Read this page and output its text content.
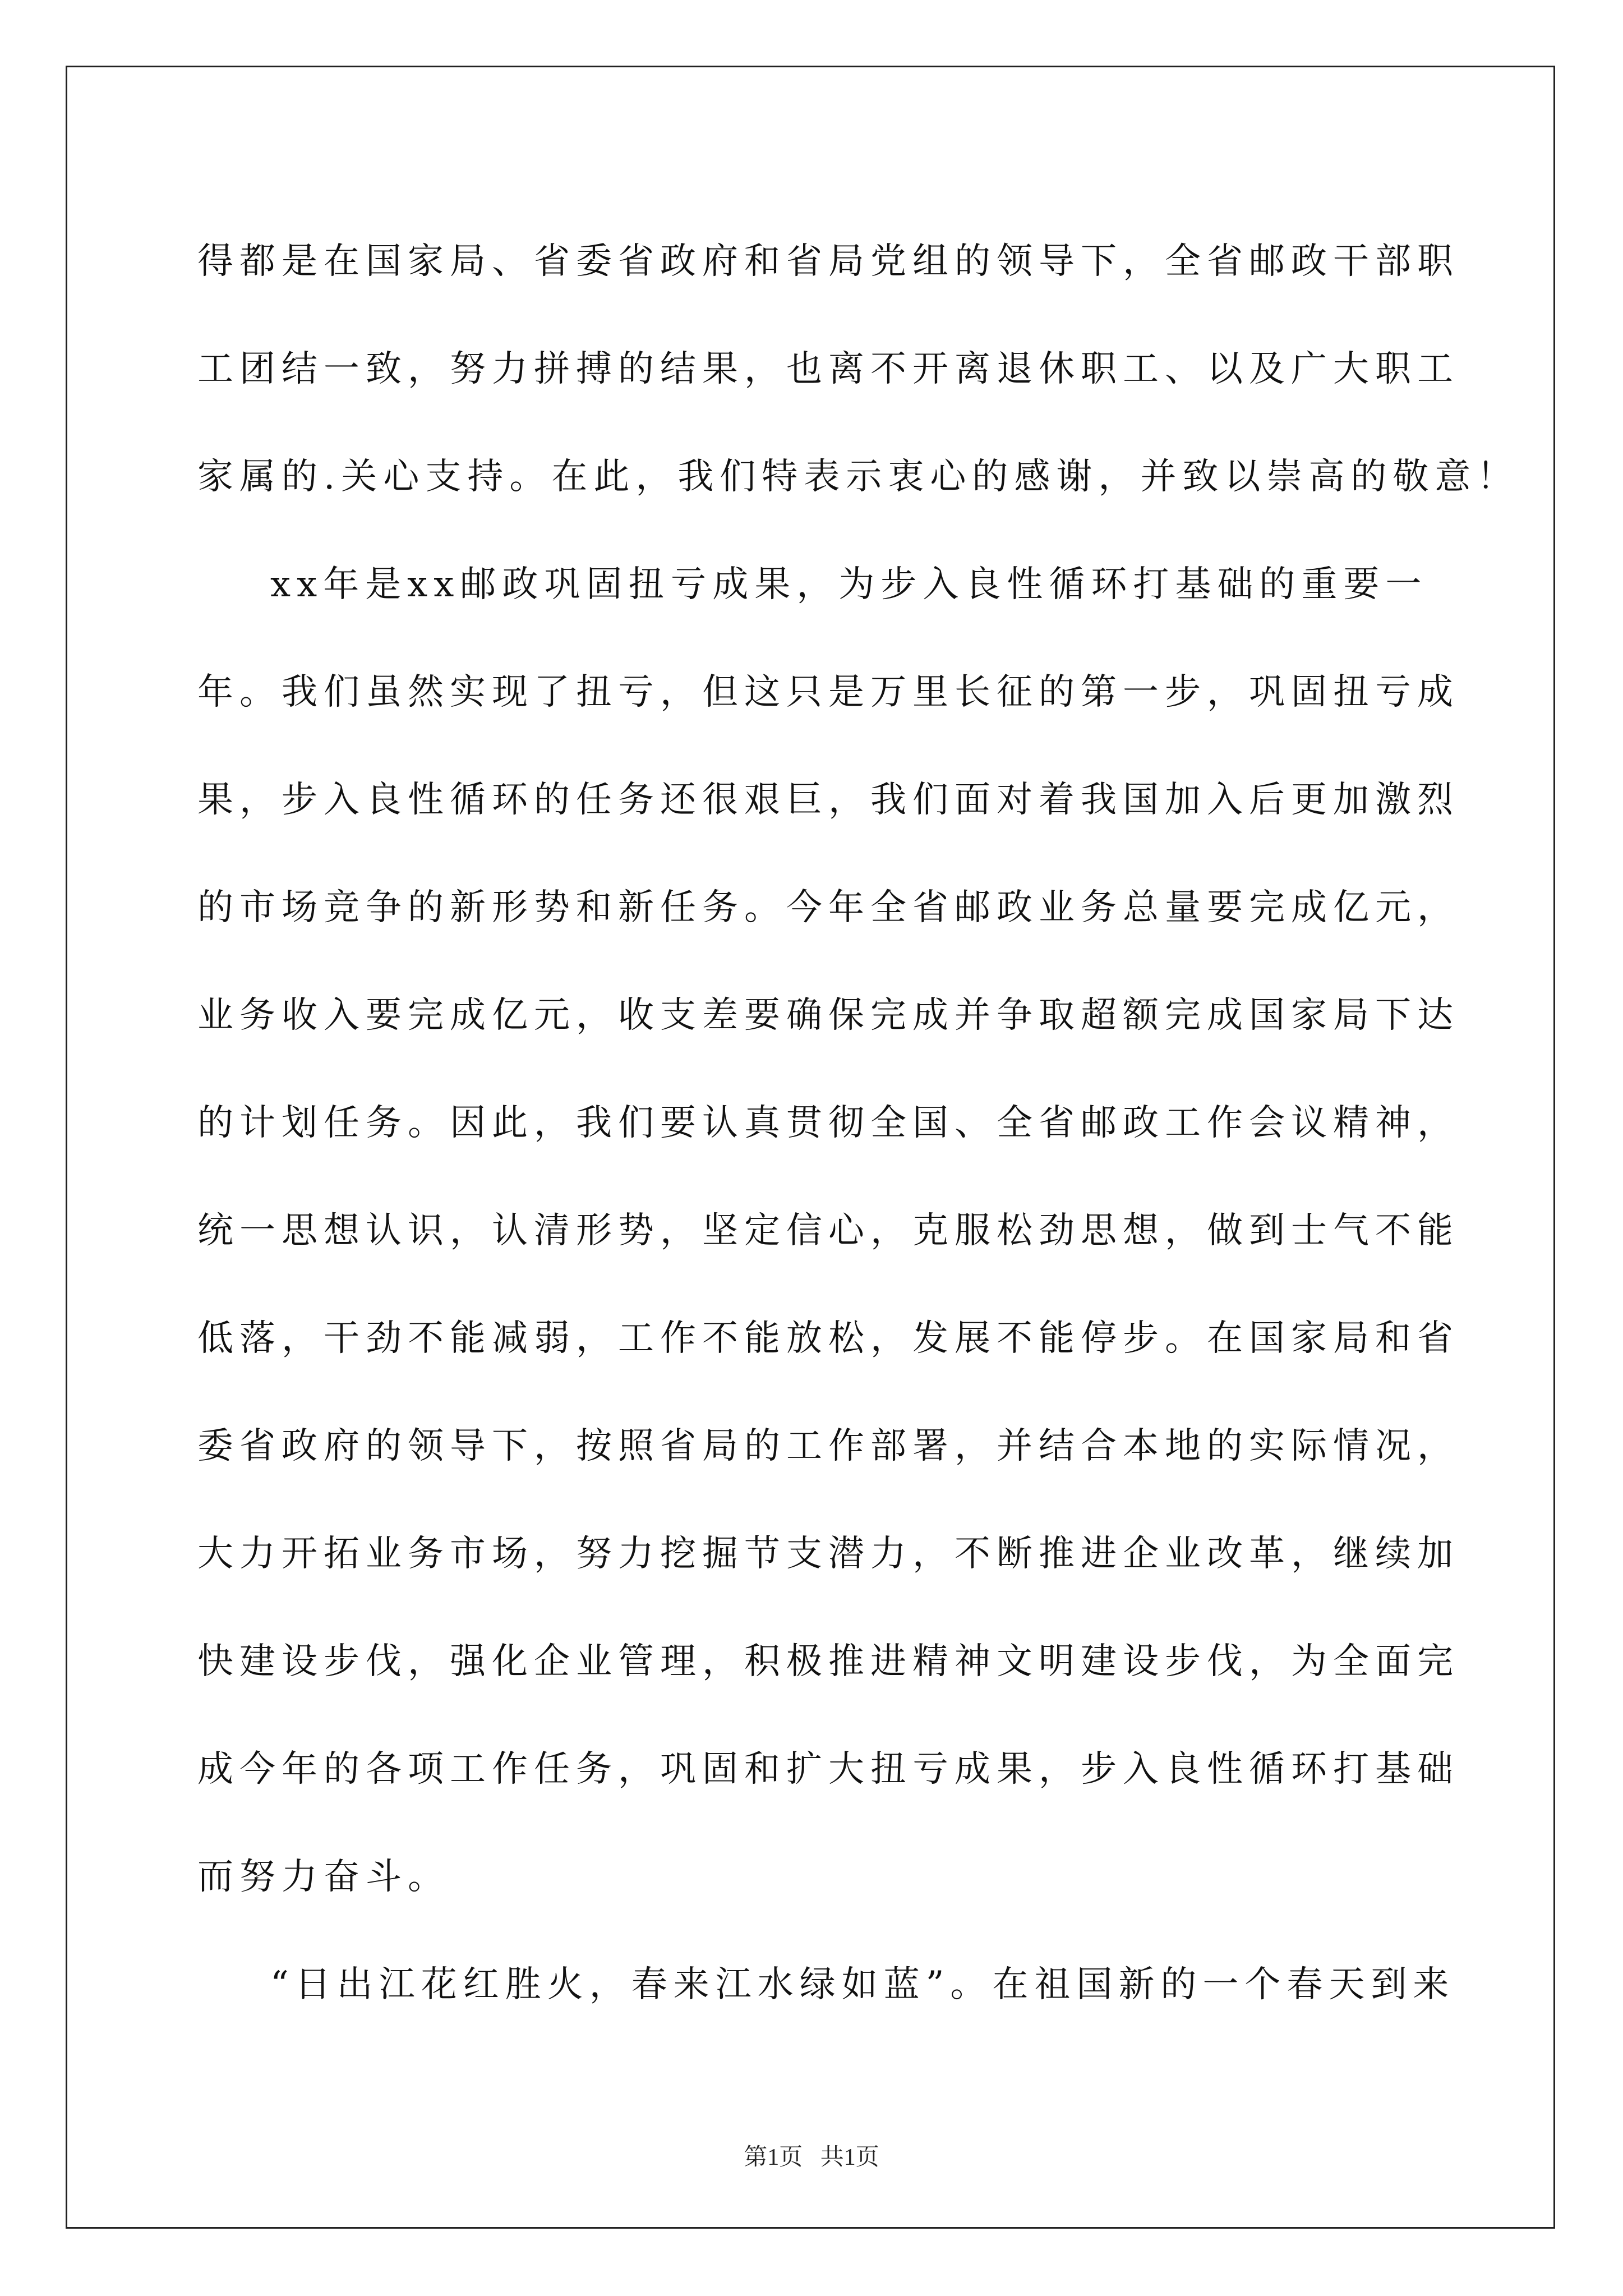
得都是在国家局、省委省政府和省局党组的领导下，全省邮政干部职
工团结一致，努力拼搏的结果，也离不开离退休职工、以及广大职工
家属的.关心支持。在此，我们特表示衷心的感谢，并致以崇高的敬意！
xx年是xx邮政巩固扭亏成果，为步入良性循环打基础的重要一
年。我们虽然实现了扭亏，但这只是万里长征的第一步，巩固扭亏成
果，步入良性循环的任务还很艰巨，我们面对着我国加入后更加激烈
的市场竞争的新形势和新任务。今年全省邮政业务总量要完成亿元，
业务收入要完成亿元，收支差要确保完成并争取超额完成国家局下达
的计划任务。因此，我们要认真贯彻全国、全省邮政工作会议精神，
统一思想认识，认清形势，坚定信心，克服松劲思想，做到士气不能
低落，干劲不能减弱，工作不能放松，发展不能停步。在国家局和省
委省政府的领导下，按照省局的工作部署，并结合本地的实际情况，
大力开拓业务市场，努力挖掘节支潜力，不断推进企业改革，继续加
快建设步伐，强化企业管理，积极推进精神文明建设步伐，为全面完
成今年的各项工作任务，巩固和扩大扭亏成果，步入良性循环打基础
而努力奋斗。
“日出江花红胜火，春来江水绿如蓝”。在祖国新的一个春天到来
第1页 共1页
